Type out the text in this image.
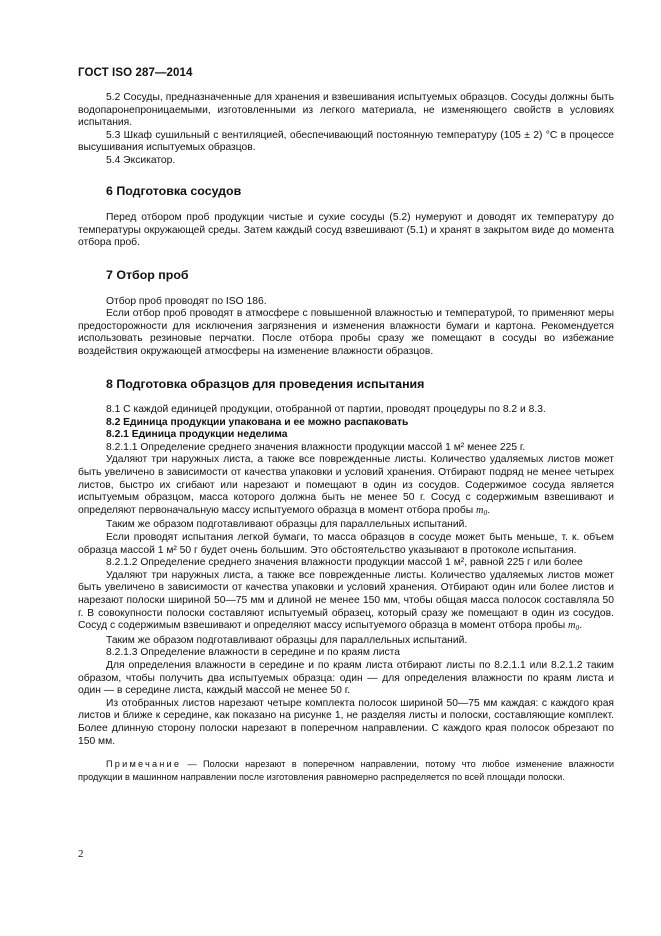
ГОСТ ISO 287—2014

5.2 Сосуды, предназначенные для хранения и взвешивания испытуемых образцов. Сосуды должны быть водопаронепроницаемыми, изготовленными из легкого материала, не изменяющего свойств в условиях испытания.

5.3 Шкаф сушильный с вентиляцией, обеспечивающий постоянную температуру (105 ± 2) °С в процессе высушивания испытуемых образцов.

5.4 Эксикатор.

6 Подготовка сосудов

Перед отбором проб продукции чистые и сухие сосуды (5.2) нумеруют и доводят их температуру до температуры окружающей среды. Затем каждый сосуд взвешивают (5.1) и хранят в закрытом виде до момента отбора проб.

7 Отбор проб

Отбор проб проводят по ISO 186.

Если отбор проб проводят в атмосфере с повышенной влажностью и температурой, то применяют меры предосторожности для исключения загрязнения и изменения влажности бумаги и картона. Рекомендуется использовать резиновые перчатки. После отбора пробы сразу же помещают в сосуды во избежание воздействия окружающей атмосферы на изменение влажности образцов.

8 Подготовка образцов для проведения испытания

8.1 С каждой единицей продукции, отобранной от партии, проводят процедуры по 8.2 и 8.3.

8.2 Единица продукции упакована и ее можно распаковать

8.2.1 Единица продукции неделима

8.2.1.1 Определение среднего значения влажности продукции массой 1 м² менее 225 г.

Удаляют три наружных листа, а также все поврежденные листы. Количество удаляемых листов может быть увеличено в зависимости от качества упаковки и условий хранения. Отбирают подряд не менее четырех листов, быстро их сгибают или нарезают и помещают в один из сосудов. Содержимое сосуда является испытуемым образцом, масса которого должна быть не менее 50 г. Сосуд с содержимым взвешивают и определяют первоначальную массу испытуемого образца в момент отбора пробы $m_0$.

Таким же образом подготавливают образцы для параллельных испытаний.

Если проводят испытания легкой бумаги, то масса образцов в сосуде может быть меньше, т. к. объем образца массой 1 м² 50 г будет очень большим. Это обстоятельство указывают в протоколе испытания.

8.2.1.2 Определение среднего значения влажности продукции массой 1 м², равной 225 г или более

Удаляют три наружных листа, а также все поврежденные листы. Количество удаляемых листов может быть увеличено в зависимости от качества упаковки и условий хранения. Отбирают один или более листов и нарезают полоски шириной 50—75 мм и длиной не менее 150 мм, чтобы общая масса полосок составляла 50 г. В совокупности полоски составляют испытуемый образец, который сразу же помещают в один из сосудов. Сосуд с содержимым взвешивают и определяют массу испытуемого образца в момент отбора пробы $m_0$.

Таким же образом подготавливают образцы для параллельных испытаний.

8.2.1.3 Определение влажности в середине и по краям листа

Для определения влажности в середине и по краям листа отбирают листы по 8.2.1.1 или 8.2.1.2 таким образом, чтобы получить два испытуемых образца: один — для определения влажности по краям листа и один — в середине листа, каждый массой не менее 50 г.

Из отобранных листов нарезают четыре комплекта полосок шириной 50—75 мм каждая: с каждого края листов и ближе к середине, как показано на рисунке 1, не разделяя листы и полоски, составляющие комплект. Более длинную сторону полоски нарезают в поперечном направлении. С каждого края полосок обрезают по 150 мм.

Примечание — Полоски нарезают в поперечном направлении, потому что любое изменение влажности продукции в машинном направлении после изготовления равномерно распределяется по всей площади полоски.

2
